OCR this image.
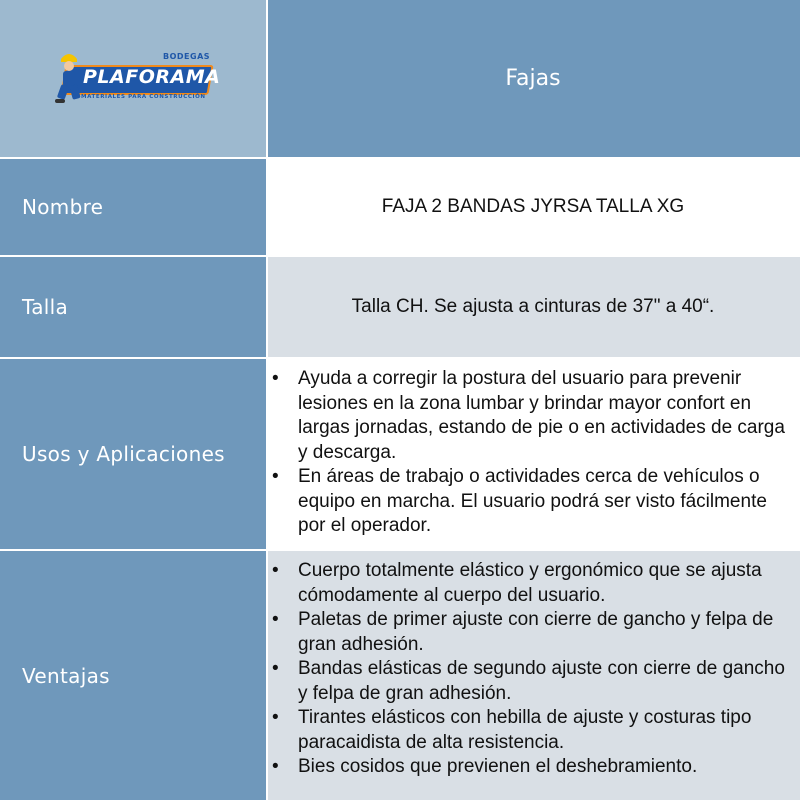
BODEGAS
PLAFORAMA
MATERIALES PARA CONSTRUCCIÓN
Fajas
Nombre	FAJA 2 BANDAS JYRSA TALLA XG
Talla	Talla CH. Se ajusta a cinturas de 37" a 40“.
Usos y Aplicaciones
• Ayuda a corregir la postura del usuario para prevenir lesiones en la zona lumbar y brindar mayor confort en largas jornadas, estando de pie o en actividades de carga y descarga.
• En áreas de trabajo o actividades cerca de vehículos o equipo en marcha. El usuario podrá ser visto fácilmente por el operador.
Ventajas
• Cuerpo totalmente elástico y ergonómico que se ajusta cómodamente al cuerpo del usuario.
• Paletas de primer ajuste con cierre de gancho y felpa de gran adhesión.
• Bandas elásticas de segundo ajuste con cierre de gancho y felpa de gran adhesión.
• Tirantes elásticos con hebilla de ajuste y costuras tipo paracaidista de alta resistencia.
• Bies cosidos que previenen el deshebramiento.
